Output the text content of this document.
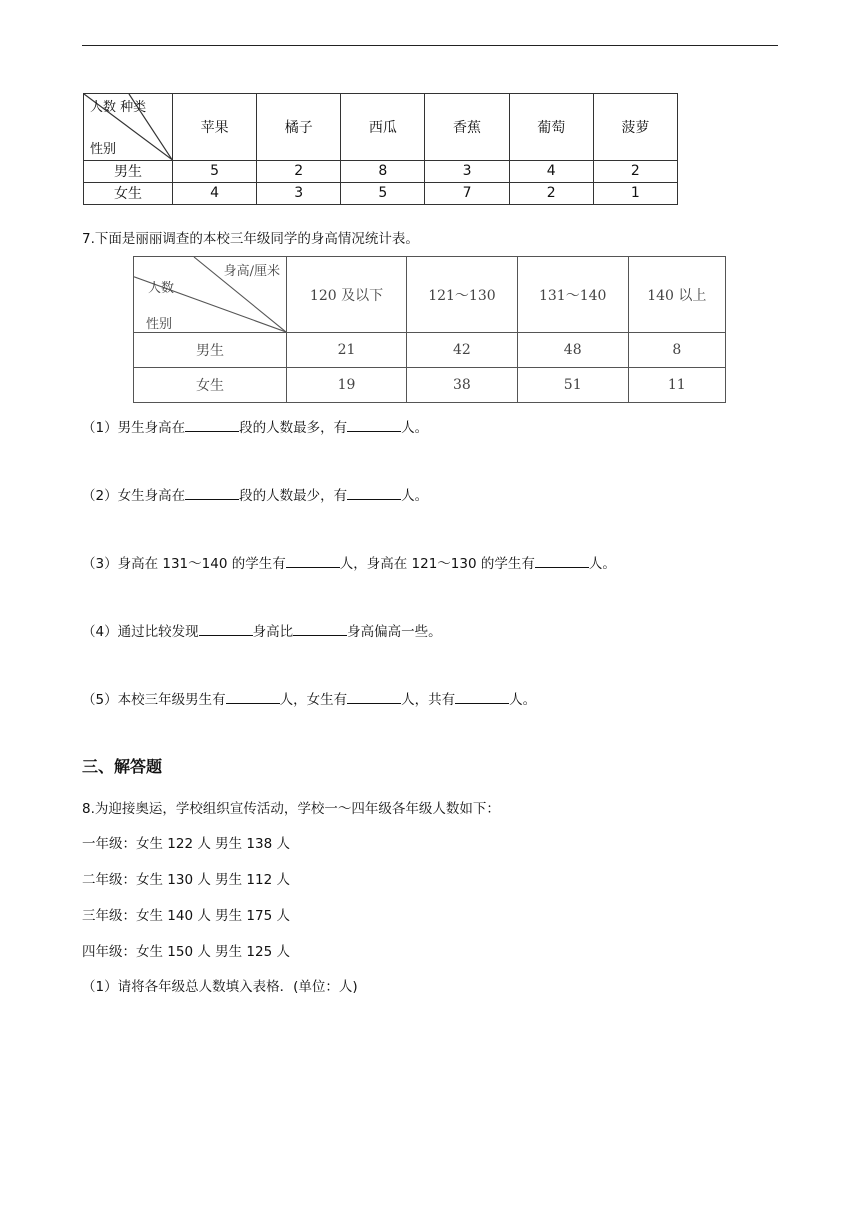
人数 种类
性别	苹果	橘子	西瓜	香蕉	葡萄	菠萝
男生	5	2	8	3	4	2
女生	4	3	5	7	2	1
7.下面是丽丽调查的本校三年级同学的身高情况统计表。
身高/厘米
人数
性别	120 及以下	121～130	131～140	140 以上
男生	21	42	48	8
女生	19	38	51	11
（1）男生身高在	段的人数最多，有	人。
（2）女生身高在	段的人数最少，有	人。
（3）身高在 131～140 的学生有	人，身高在 121～130 的学生有	人。
（4）通过比较发现	身高比	身高偏高一些。
（5）本校三年级男生有	人，女生有	人，共有	人。
三、解答题
8.为迎接奥运，学校组织宣传活动，学校一～四年级各年级人数如下：
一年级：女生 122 人 男生 138 人
二年级：女生 130 人 男生 112 人
三年级：女生 140 人 男生 175 人
四年级：女生 150 人 男生 125 人
（1）请将各年级总人数填入表格．(单位：人)
